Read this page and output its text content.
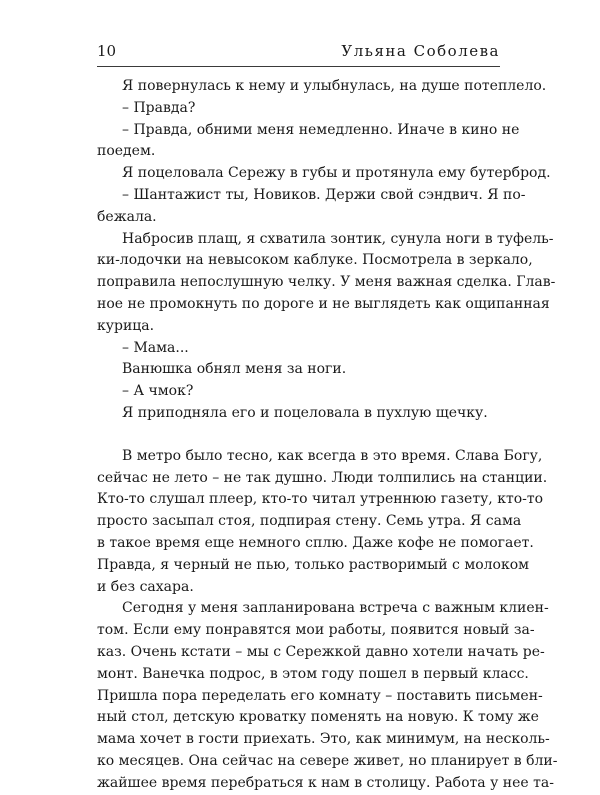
10	Ульяна Соболева
Я повернулась к нему и улыбнулась, на душе потеплело.
– Правда?
– Правда, обними меня немедленно. Иначе в кино не
поедем.
Я поцеловала Сережу в губы и протянула ему бутерброд.
– Шантажист ты, Новиков. Держи свой сэндвич. Я по-
бежала.
Набросив плащ, я схватила зонтик, сунула ноги в туфель-
ки-лодочки на невысоком каблуке. Посмотрела в зеркало,
поправила непослушную челку. У меня важная сделка. Глав-
ное не промокнуть по дороге и не выглядеть как ощипанная
курица.
– Мама...
Ванюшка обнял меня за ноги.
– А чмок?
Я приподняла его и поцеловала в пухлую щечку.
В метро было тесно, как всегда в это время. Слава Богу,
сейчас не лето – не так душно. Люди толпились на станции.
Кто-то слушал плеер, кто-то читал утреннюю газету, кто-то
просто засыпал стоя, подпирая стену. Семь утра. Я сама
в такое время еще немного сплю. Даже кофе не помогает.
Правда, я черный не пью, только растворимый с молоком
и без сахара.
Сегодня у меня запланирована встреча с важным клиен-
том. Если ему понравятся мои работы, появится новый за-
каз. Очень кстати – мы с Сережкой давно хотели начать ре-
монт. Ванечка подрос, в этом году пошел в первый класс.
Пришла пора переделать его комнату – поставить письмен-
ный стол, детскую кроватку поменять на новую. К тому же
мама хочет в гости приехать. Это, как минимум, на несколь-
ко месяцев. Она сейчас на севере живет, но планирует в бли-
жайшее время перебраться к нам в столицу. Работа у нее та-
